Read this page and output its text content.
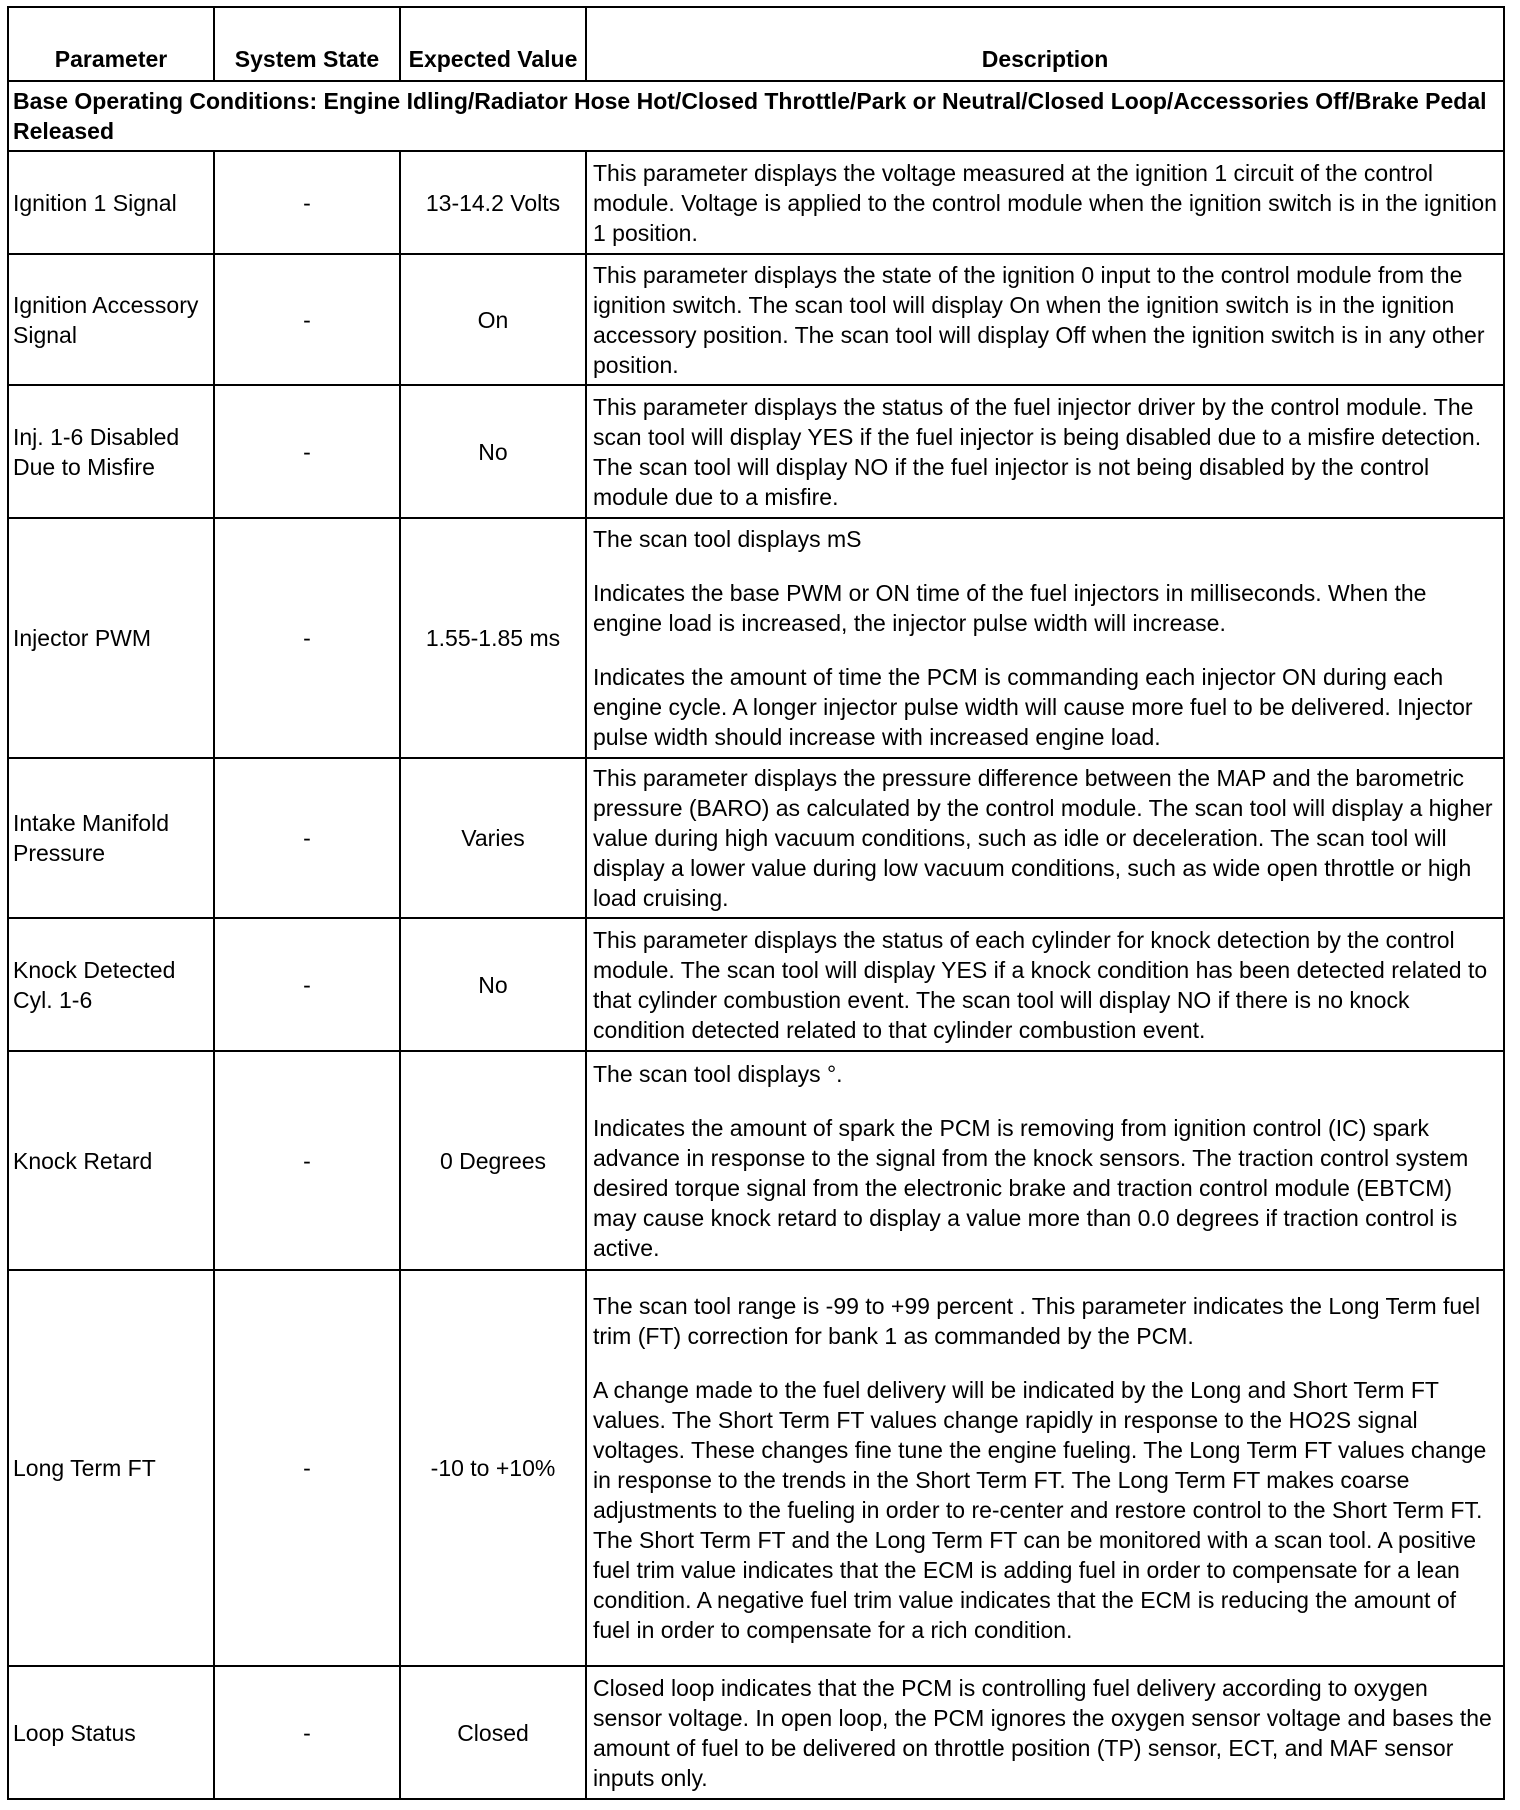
Parameter	System State	Expected Value	Description
Base Operating Conditions: Engine Idling/Radiator Hose Hot/Closed Throttle/Park or Neutral/Closed Loop/Accessories Off/Brake Pedal Released			
Ignition 1 Signal	-	13-14.2 Volts	This parameter displays the voltage measured at the ignition 1 circuit of the control module. Voltage is applied to the control module when the ignition switch is in the ignition 1 position.

Ignition Accessory Signal	-	On	This parameter displays the state of the ignition 0 input to the control module from the ignition switch. The scan tool will display On when the ignition switch is in the ignition accessory position. The scan tool will display Off when the ignition switch is in any other position.

Inj. 1-6 Disabled Due to Misfire	-	No	This parameter displays the status of the fuel injector driver by the control module. The scan tool will display YES if the fuel injector is being disabled due to a misfire detection. The scan tool will display NO if the fuel injector is not being disabled by the control module due to a misfire.

Injector PWM	-	1.55-1.85 ms	The scan tool displays mS

Indicates the base PWM or ON time of the fuel injectors in milliseconds. When the engine load is increased, the injector pulse width will increase.

Indicates the amount of time the PCM is commanding each injector ON during each engine cycle. A longer injector pulse width will cause more fuel to be delivered. Injector pulse width should increase with increased engine load.

Intake Manifold Pressure	-	Varies	This parameter displays the pressure difference between the MAP and the barometric pressure (BARO) as calculated by the control module. The scan tool will display a higher value during high vacuum conditions, such as idle or deceleration. The scan tool will display a lower value during low vacuum conditions, such as wide open throttle or high load cruising.

Knock Detected Cyl. 1-6	-	No	This parameter displays the status of each cylinder for knock detection by the control module. The scan tool will display YES if a knock condition has been detected related to that cylinder combustion event. The scan tool will display NO if there is no knock condition detected related to that cylinder combustion event.

Knock Retard	-	0 Degrees	The scan tool displays °.

Indicates the amount of spark the PCM is removing from ignition control (IC) spark advance in response to the signal from the knock sensors. The traction control system desired torque signal from the electronic brake and traction control module (EBTCM) may cause knock retard to display a value more than 0.0 degrees if traction control is active.

Long Term FT	-	-10 to +10%	The scan tool range is -99 to +99 percent . This parameter indicates the Long Term fuel trim (FT) correction for bank 1 as commanded by the PCM.

A change made to the fuel delivery will be indicated by the Long and Short Term FT values. The Short Term FT values change rapidly in response to the HO2S signal voltages. These changes fine tune the engine fueling. The Long Term FT values change in response to the trends in the Short Term FT. The Long Term FT makes coarse adjustments to the fueling in order to re-center and restore control to the Short Term FT. The Short Term FT and the Long Term FT can be monitored with a scan tool. A positive fuel trim value indicates that the ECM is adding fuel in order to compensate for a lean condition. A negative fuel trim value indicates that the ECM is reducing the amount of fuel in order to compensate for a rich condition.

Loop Status	-	Closed	Closed loop indicates that the PCM is controlling fuel delivery according to oxygen sensor voltage. In open loop, the PCM ignores the oxygen sensor voltage and bases the amount of fuel to be delivered on throttle position (TP) sensor, ECT, and MAF sensor inputs only.
